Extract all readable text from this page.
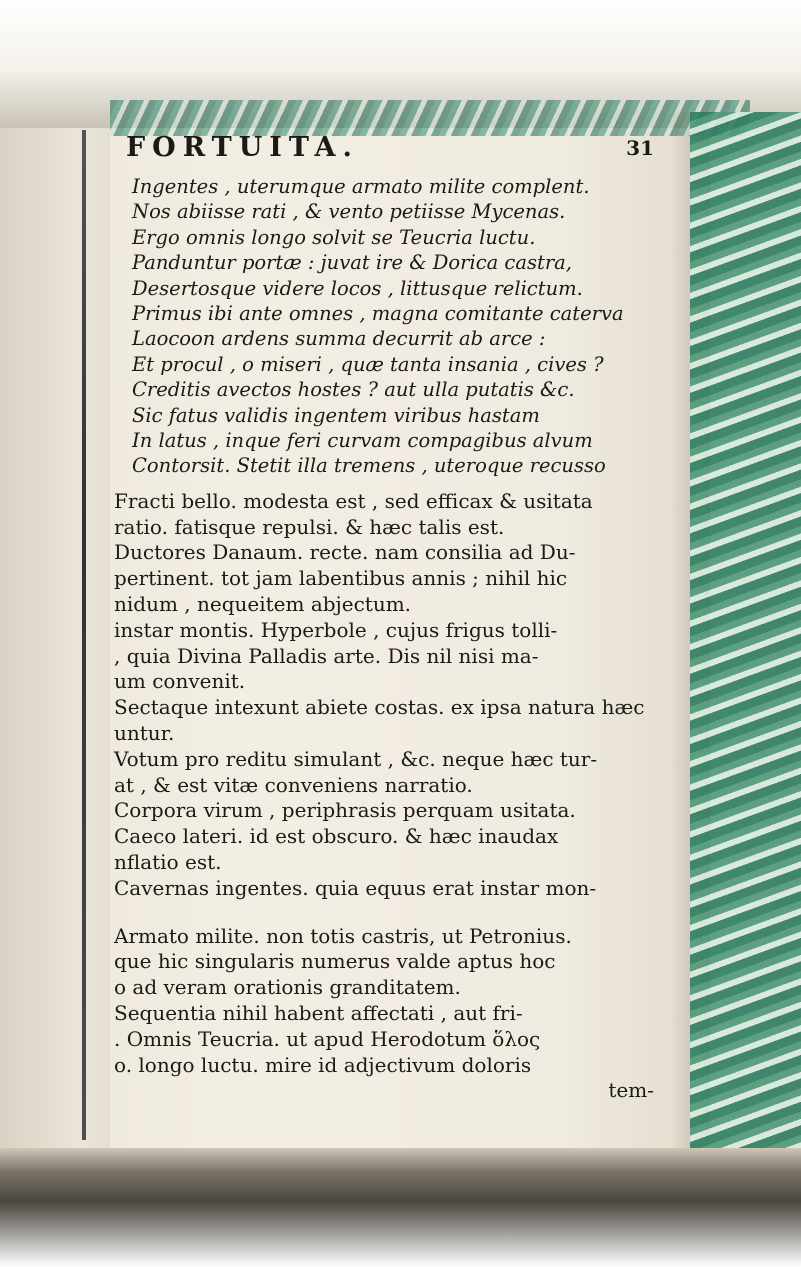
FORTUITA.	31
Ingentes , uterumque armato milite complent.
Nos abiisse rati , & vento petiisse Mycenas.
Ergo omnis longo solvit se Teucria luctu.
Panduntur portæ : juvat ire & Dorica castra,
Desertosque videre locos , littusque relictum.
Primus ibi ante omnes , magna comitante caterva
Laocoon ardens summa decurrit ab arce :
Et procul , o miseri , quæ tanta insania , cives ?
Creditis avectos hostes ? aut ulla putatis &c.
Sic fatus validis ingentem viribus hastam
In latus , inque feri curvam compagibus alvum
Contorsit. Stetit illa tremens , uteroque recusso
Fracti bello. modesta est , sed efficax & usitata
ratio. fatisque repulsi. & hæc talis est.
Ductores Danaum. recte. nam consilia ad Du-
pertinent. tot jam labentibus annis ; nihil hic
nidum , nequeitem abjectum.
instar montis. Hyperbole , cujus frigus tolli-
, quia Divina Palladis arte. Dis nil nisi ma-
um convenit.
Sectaque intexunt abiete costas. ex ipsa natura hæc
untur.
Votum pro reditu simulant , &c. neque hæc tur-
at , & est vitæ conveniens narratio.
Corpora virum , periphrasis perquam usitata.
Caeco lateri. id est obscuro. & hæc inaudax
nflatio est.
Cavernas ingentes. quia equus erat instar mon-
Armato milite. non totis castris, ut Petronius.
que hic singularis numerus valde aptus hoc
o ad veram orationis granditatem.
Sequentia nihil habent affectati , aut fri-
. Omnis Teucria. ut apud Herodotum ὅλος
o. longo luctu. mire id adjectivum doloris
tem-
